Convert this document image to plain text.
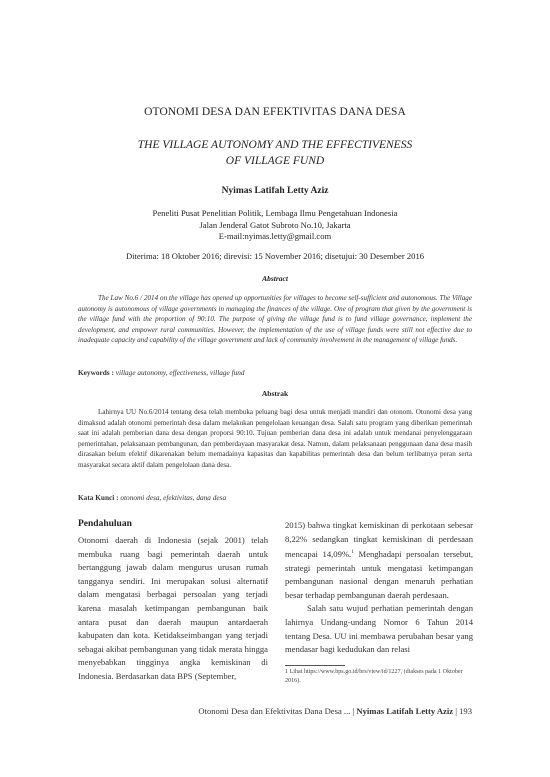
OTONOMI DESA DAN EFEKTIVITAS DANA DESA
THE VILLAGE AUTONOMY AND THE EFFECTIVENESS
OF VILLAGE FUND
Nyimas Latifah Letty Aziz
Peneliti Pusat Penelitian Politik, Lembaga Ilmu Pengetahuan Indonesia
Jalan Jenderal Gatot Subroto No.10, Jakarta
E-mail:nyimas.letty@gmail.com
Diterima: 18 Oktober 2016; direvisi: 15 November 2016; disetujui: 30 Desember 2016
Abstract
The Law No.6 / 2014 on the village has opened up opportunities for villages to become self-sufficient and autonomous. The Village autonomy is autonomous of village governments in managing the finances of the village. One of program that given by the government is the village fund with the proportion of 90:10. The purpose of giving the village fund is to fund village governance, implement the development, and empower rural communities. However, the implementation of the use of village funds were still not effective due to inadequate capacity and capability of the village government and lack of community involvement in the management of village funds.
Keywords : village autonomy, effectiveness, village fund
Abstrak
Lahirnya UU No.6/2014 tentang desa telah membuka peluang bagi desa untuk menjadi mandiri dan otonom. Otonomi desa yang dimaksud adalah otonomi pemerintah desa dalam melakukan pengelolaan keuangan desa. Salah satu program yang diberikan pemerintah saat ini adalah pemberian dana desa dengan proporsi 90:10. Tujuan pemberian dana desa ini adalah untuk mendanai penyelenggaraan pemerintahan, pelaksanaan pembangunan, dan pemberdayaan masyarakat desa. Namun, dalam pelaksanaan penggunaan dana desa masih dirasakan belum efektif dikarenakan belum memadainya kapasitas dan kapabilitas pemerintah desa dan belum terlibatnya peran serta masyarakat secara aktif dalam pengelolaan dana desa.
Kata Kunci : otonomi desa, efektivitas, dana desa
Pendahuluan

Otonomi daerah di Indonesia (sejak 2001) telah membuka ruang bagi pemerintah daerah untuk bertanggung jawab dalam mengurus urusan rumah tangganya sendiri. Ini merupakan solusi alternatif dalam mengatasi berbagai persoalan yang terjadi karena masalah ketimpangan pembangunan baik antara pusat dan daerah maupun antardaerah kabupaten dan kota. Ketidakseimbangan yang terjadi sebagai akibat pembangunan yang tidak merata hingga menyebabkan tingginya angka kemiskinan di Indonesia. Berdasarkan data BPS (September,

2015) bahwa tingkat kemiskinan di perkotaan sebesar 8,22% sedangkan tingkat kemiskinan di perdesaan mencapai 14,09%.$^1$ Menghadapi persoalan tersebut, strategi pemerintah untuk mengatasi ketimpangan pembangunan nasional dengan menaruh perhatian besar terhadap pembangunan daerah perdesaan.

Salah satu wujud perhatian pemerintah dengan lahirnya Undang-undang Nomor 6 Tahun 2014 tentang Desa. UU ini membawa perubahan besar yang mendasar bagi kedudukan dan relasi

1 Lihat https://www.bps.go.id/brs/view/id/1227, (diakses pada 1 Oktober 2016).
Otonomi Desa dan Efektivitas Dana Desa ... | Nyimas Latifah Letty Aziz | 193
